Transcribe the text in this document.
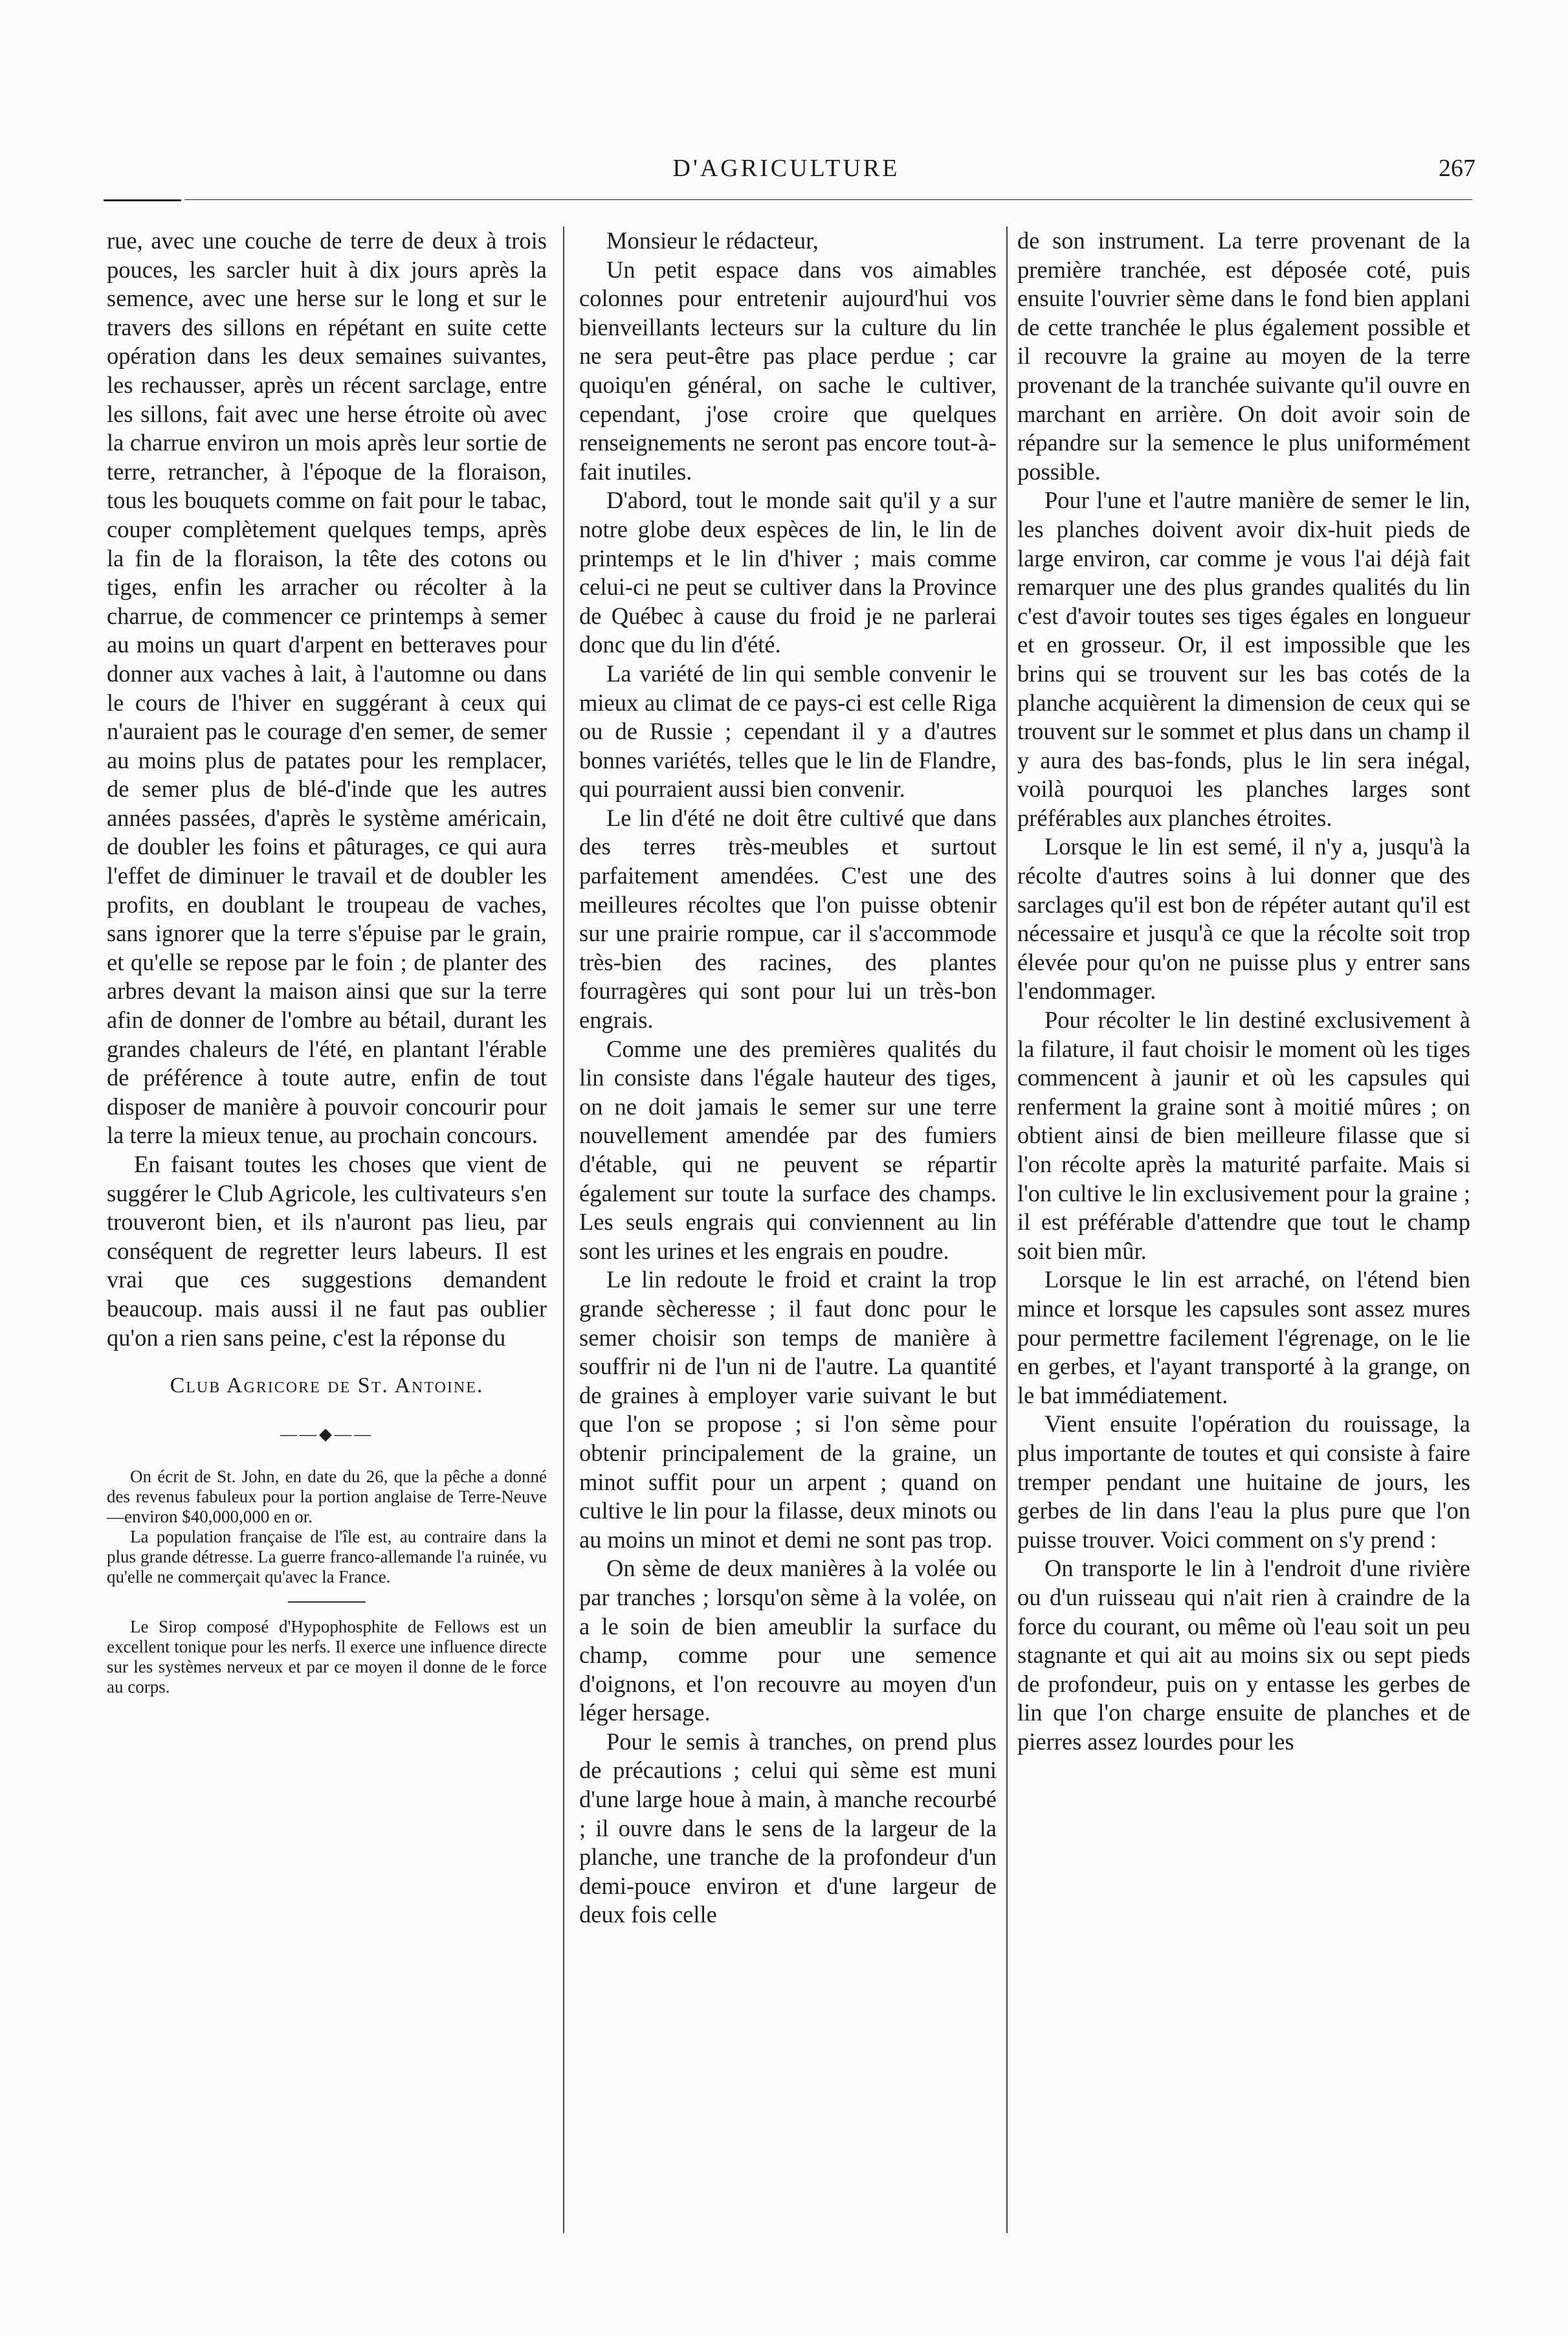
D'AGRICULTURE	267

rue, avec une couche de terre de deux à trois pouces, les sarcler huit à dix jours après la semence, avec une herse sur le long et sur le travers des sillons en répétant en suite cette opération dans les deux semaines suivantes, les rechausser, après un récent sarclage, entre les sillons, fait avec une herse étroite où avec la charrue environ un mois après leur sortie de terre, retrancher, à l'époque de la floraison, tous les bouquets comme on fait pour le tabac, couper complètement quelques temps, après la fin de la floraison, la tête des cotons ou tiges, enfin les arracher ou récolter à la charrue, de commencer ce printemps à semer au moins un quart d'arpent en betteraves pour donner aux vaches à lait, à l'automne ou dans le cours de l'hiver en suggérant à ceux qui n'auraient pas le courage d'en semer, de semer au moins plus de patates pour les remplacer, de semer plus de blé-d'inde que les autres années passées, d'après le système américain, de doubler les foins et pâturages, ce qui aura l'effet de diminuer le travail et de doubler les profits, en doublant le troupeau de vaches, sans ignorer que la terre s'épuise par le grain, et qu'elle se repose par le foin ; de planter des arbres devant la maison ainsi que sur la terre afin de donner de l'ombre au bétail, durant les grandes chaleurs de l'été, en plantant l'érable de préférence à toute autre, enfin de tout disposer de manière à pouvoir concourir pour la terre la mieux tenue, au prochain concours.

En faisant toutes les choses que vient de suggérer le Club Agricole, les cultivateurs s'en trouveront bien, et ils n'auront pas lieu, par conséquent de regretter leurs labeurs. Il est vrai que ces suggestions demandent beaucoup. mais aussi il ne faut pas oublier qu'on a rien sans peine, c'est la réponse du

Club Agricore de St. Antoine.
——◆——

On écrit de St. John, en date du 26, que la pêche a donné des revenus fabuleux pour la portion anglaise de Terre-Neuve—environ $40,000,000 en or.

La population française de l'île est, au contraire dans la plus grande détresse. La guerre franco-allemande l'a ruinée, vu qu'elle ne commerçait qu'avec la France.

Le Sirop composé d'Hypophosphite de Fellows est un excellent tonique pour les nerfs. Il exerce une influence directe sur les systèmes nerveux et par ce moyen il donne de le force au corps.

Monsieur le rédacteur,

Un petit espace dans vos aimables colonnes pour entretenir aujourd'hui vos bienveillants lecteurs sur la culture du lin ne sera peut-être pas place perdue ; car quoiqu'en général, on sache le cultiver, cependant, j'ose croire que quelques renseignements ne seront pas encore tout-à-fait inutiles.

D'abord, tout le monde sait qu'il y a sur notre globe deux espèces de lin, le lin de printemps et le lin d'hiver ; mais comme celui-ci ne peut se cultiver dans la Province de Québec à cause du froid je ne parlerai donc que du lin d'été.

La variété de lin qui semble convenir le mieux au climat de ce pays-ci est celle Riga ou de Russie ; cependant il y a d'autres bonnes variétés, telles que le lin de Flandre, qui pourraient aussi bien convenir.

Le lin d'été ne doit être cultivé que dans des terres très-meubles et surtout parfaitement amendées. C'est une des meilleures récoltes que l'on puisse obtenir sur une prairie rompue, car il s'accommode très-bien des racines, des plantes fourragères qui sont pour lui un très-bon engrais.

Comme une des premières qualités du lin consiste dans l'égale hauteur des tiges, on ne doit jamais le semer sur une terre nouvellement amendée par des fumiers d'étable, qui ne peuvent se répartir également sur toute la surface des champs. Les seuls engrais qui conviennent au lin sont les urines et les engrais en poudre.

Le lin redoute le froid et craint la trop grande sècheresse ; il faut donc pour le semer choisir son temps de manière à souffrir ni de l'un ni de l'autre. La quantité de graines à employer varie suivant le but que l'on se propose ; si l'on sème pour obtenir principalement de la graine, un minot suffit pour un arpent ; quand on cultive le lin pour la filasse, deux minots ou au moins un minot et demi ne sont pas trop.

On sème de deux manières à la volée ou par tranches ; lorsqu'on sème à la volée, on a le soin de bien ameublir la surface du champ, comme pour une semence d'oignons, et l'on recouvre au moyen d'un léger hersage.

Pour le semis à tranches, on prend plus de précautions ; celui qui sème est muni d'une large houe à main, à manche recourbé ; il ouvre dans le sens de la largeur de la planche, une tranche de la profondeur d'un demi-pouce environ et d'une largeur de deux fois celle

de son instrument. La terre provenant de la première tranchée, est déposée coté, puis ensuite l'ouvrier sème dans le fond bien applani de cette tranchée le plus également possible et il recouvre la graine au moyen de la terre provenant de la tranchée suivante qu'il ouvre en marchant en arrière. On doit avoir soin de répandre sur la semence le plus uniformément possible.

Pour l'une et l'autre manière de semer le lin, les planches doivent avoir dix-huit pieds de large environ, car comme je vous l'ai déjà fait remarquer une des plus grandes qualités du lin c'est d'avoir toutes ses tiges égales en longueur et en grosseur. Or, il est impossible que les brins qui se trouvent sur les bas cotés de la planche acquièrent la dimension de ceux qui se trouvent sur le sommet et plus dans un champ il y aura des bas-fonds, plus le lin sera inégal, voilà pourquoi les planches larges sont préférables aux planches étroites.

Lorsque le lin est semé, il n'y a, jusqu'à la récolte d'autres soins à lui donner que des sarclages qu'il est bon de répéter autant qu'il est nécessaire et jusqu'à ce que la récolte soit trop élevée pour qu'on ne puisse plus y entrer sans l'endommager.

Pour récolter le lin destiné exclusivement à la filature, il faut choisir le moment où les tiges commencent à jaunir et où les capsules qui renferment la graine sont à moitié mûres ; on obtient ainsi de bien meilleure filasse que si l'on récolte après la maturité parfaite. Mais si l'on cultive le lin exclusivement pour la graine ; il est préférable d'attendre que tout le champ soit bien mûr.

Lorsque le lin est arraché, on l'étend bien mince et lorsque les capsules sont assez mures pour permettre facilement l'égrenage, on le lie en gerbes, et l'ayant transporté à la grange, on le bat immédiatement.

Vient ensuite l'opération du rouissage, la plus importante de toutes et qui consiste à faire tremper pendant une huitaine de jours, les gerbes de lin dans l'eau la plus pure que l'on puisse trouver. Voici comment on s'y prend :

On transporte le lin à l'endroit d'une rivière ou d'un ruisseau qui n'ait rien à craindre de la force du courant, ou même où l'eau soit un peu stagnante et qui ait au moins six ou sept pieds de profondeur, puis on y entasse les gerbes de lin que l'on charge ensuite de planches et de pierres assez lourdes pour les
